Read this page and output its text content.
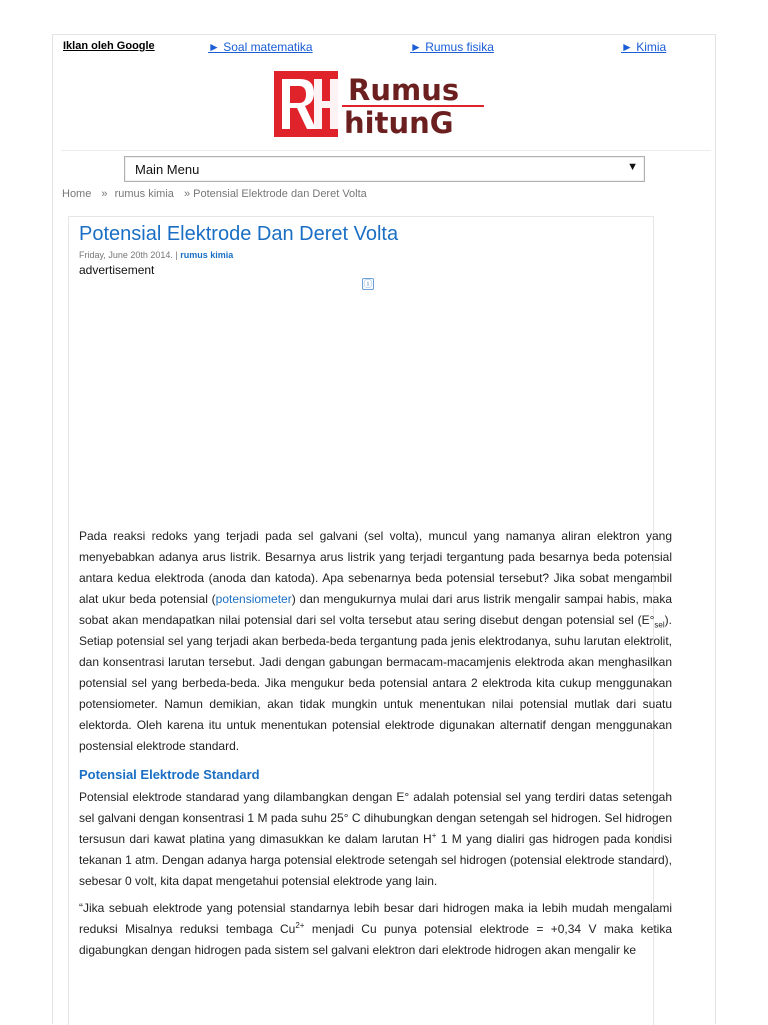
Iklan oleh Google	► Soal matematika	► Rumus fisika	► Kimia
Rumus
hitunG
Main Menu	▼
Home » rumus kimia » Potensial Elektrode dan Deret Volta
Potensial Elektrode Dan Deret Volta
Friday, June 20th 2014. | rumus kimia
advertisement
ⓘ

Pada reaksi redoks yang terjadi pada sel galvani (sel volta), muncul yang namanya aliran elektron yang menyebabkan adanya arus listrik. Besarnya arus listrik yang terjadi tergantung pada besarnya beda potensial antara kedua elektroda (anoda dan katoda). Apa sebenarnya beda potensial tersebut? Jika sobat mengambil alat ukur beda potensial (potensiometer) dan mengukurnya mulai dari arus listrik mengalir sampai habis, maka sobat akan mendapatkan nilai potensial dari sel volta tersebut atau sering disebut dengan potensial sel $(E^\circ_{sel})$. Setiap potensial sel yang terjadi akan berbeda-beda tergantung pada jenis elektrodanya, suhu larutan elektrolit, dan konsentrasi larutan tersebut. Jadi dengan gabungan bermacam-macamjenis elektroda akan menghasilkan potensial sel yang berbeda-beda. Jika mengukur beda potensial antara 2 elektroda kita cukup menggunakan potensiometer. Namun demikian, akan tidak mungkin untuk menentukan nilai potensial mutlak dari suatu elektorda. Oleh karena itu untuk menentukan potensial elektrode digunakan alternatif dengan menggunakan postensial elektrode standard.

Potensial Elektrode Standard

Potensial elektrode standarad yang dilambangkan dengan E° adalah potensial sel yang terdiri datas setengah sel galvani dengan konsentrasi 1 M pada suhu 25° C dihubungkan dengan setengah sel hidrogen. Sel hidrogen tersusun dari kawat platina yang dimasukkan ke dalam larutan H+ 1 M yang dialiri gas hidrogen pada kondisi tekanan 1 atm. Dengan adanya harga potensial elektrode setengah sel hidrogen (potensial elektrode standard), sebesar 0 volt, kita dapat mengetahui potensial elektrode yang lain.

“Jika sebuah elektrode yang potensial standarnya lebih besar dari hidrogen maka ia lebih mudah mengalami reduksi Misalnya reduksi tembaga $Cu^{2+}$ menjadi Cu punya potensial elektrode = +0,34 V maka ketika digabungkan dengan hidrogen pada sistem sel galvani elektron dari elektrode hidrogen akan mengalir ke
